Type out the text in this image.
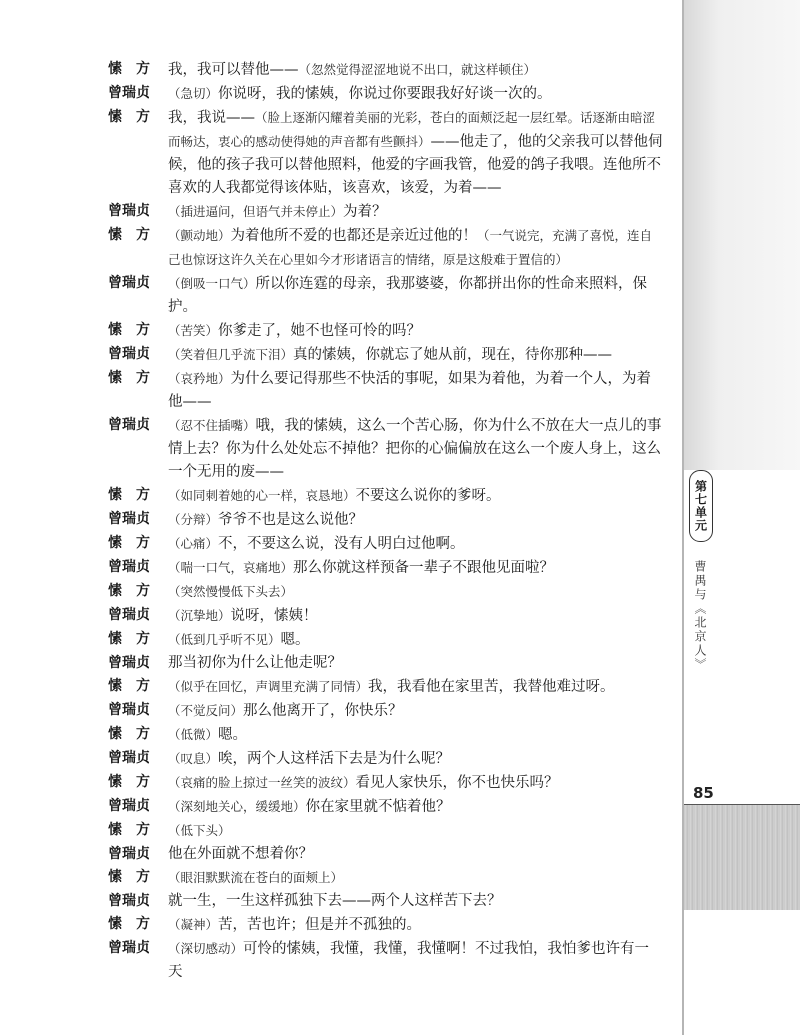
愫　方	我，我可以替他——（忽然觉得涩涩地说不出口，就这样顿住）
曾瑞贞	（急切）你说呀，我的愫姨，你说过你要跟我好好谈一次的。
愫　方	我，我说——（脸上逐渐闪耀着美丽的光彩，苍白的面颊泛起一层红晕。话逐渐由暗涩而畅达，衷心的感动使得她的声音都有些颤抖）——他走了，他的父亲我可以替他伺候，他的孩子我可以替他照料，他爱的字画我管，他爱的鸽子我喂。连他所不喜欢的人我都觉得该体贴，该喜欢，该爱，为着——
曾瑞贞	（插进逼问，但语气并未停止）为着？
愫　方	（颤动地）为着他所不爱的也都还是亲近过他的！（一气说完，充满了喜悦，连自己也惊讶这许久关在心里如今才形诸语言的情绪，原是这般难于置信的）
曾瑞贞	（倒吸一口气）所以你连霆的母亲，我那婆婆，你都拼出你的性命来照料，保护。
愫　方	（苦笑）你爹走了，她不也怪可怜的吗？
曾瑞贞	（笑着但几乎流下泪）真的愫姨，你就忘了她从前，现在，待你那种——
愫　方	（哀矜地）为什么要记得那些不快活的事呢，如果为着他，为着一个人，为着他——
曾瑞贞	（忍不住插嘴）哦，我的愫姨，这么一个苦心肠，你为什么不放在大一点儿的事情上去？你为什么处处忘不掉他？把你的心偏偏放在这么一个废人身上，这么一个无用的废——
愫　方	（如同刺着她的心一样，哀恳地）不要这么说你的爹呀。
曾瑞贞	（分辩）爷爷不也是这么说他？
愫　方	（心痛）不，不要这么说，没有人明白过他啊。
曾瑞贞	（喘一口气，哀痛地）那么你就这样预备一辈子不跟他见面啦？
愫　方	（突然慢慢低下头去）
曾瑞贞	（沉挚地）说呀，愫姨！
愫　方	（低到几乎听不见）嗯。
曾瑞贞	那当初你为什么让他走呢？
愫　方	（似乎在回忆，声调里充满了同情）我，我看他在家里苦，我替他难过呀。
曾瑞贞	（不觉反问）那么他离开了，你快乐？
愫　方	（低微）嗯。
曾瑞贞	（叹息）唉，两个人这样活下去是为什么呢？
愫　方	（哀痛的脸上掠过一丝笑的波纹）看见人家快乐，你不也快乐吗？
曾瑞贞	（深刻地关心，缓缓地）你在家里就不惦着他？
愫　方	（低下头）
曾瑞贞	他在外面就不想着你？
愫　方	（眼泪默默流在苍白的面颊上）
曾瑞贞	就一生，一生这样孤独下去——两个人这样苦下去？
愫　方	（凝神）苦，苦也许；但是并不孤独的。
曾瑞贞	（深切感动）可怜的愫姨，我懂，我懂，我懂啊！不过我怕，我怕爹也许有一天
第七单元
曹禺与《北京人》
85
